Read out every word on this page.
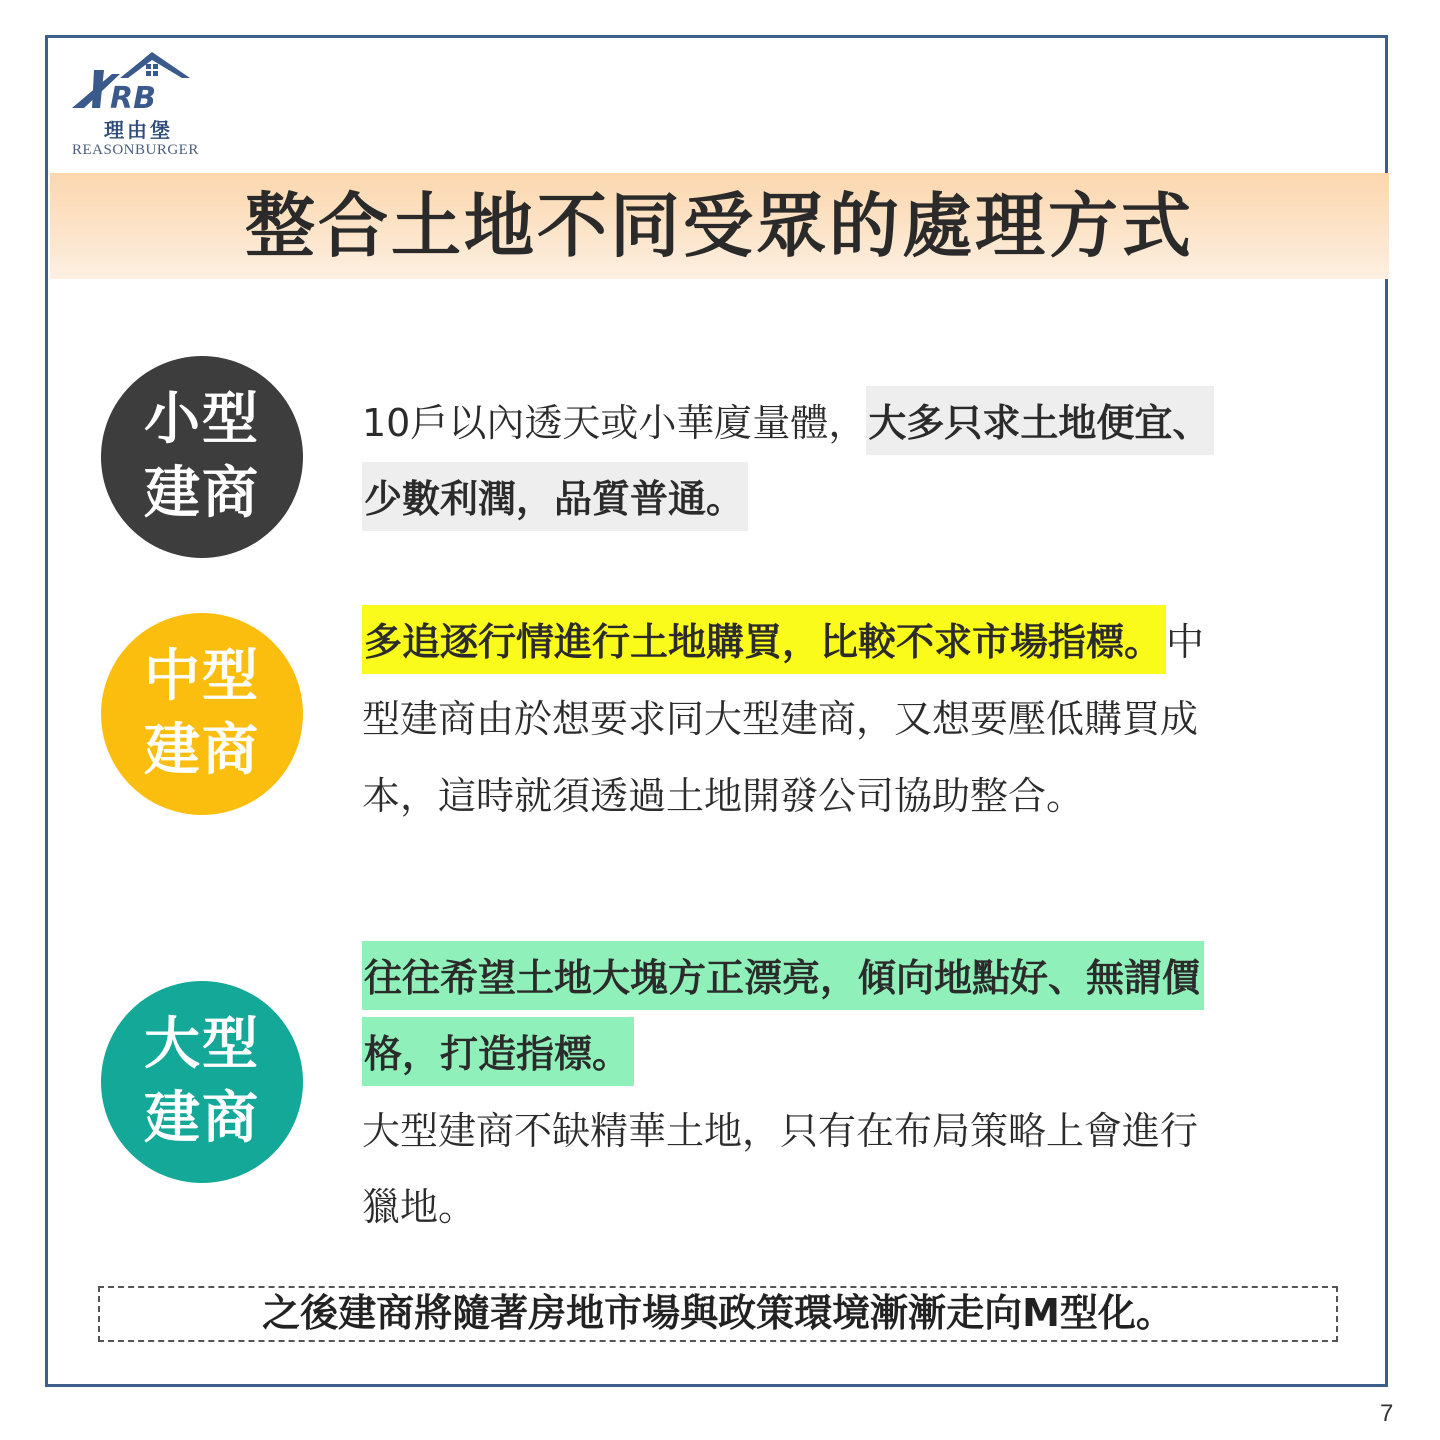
RB
理由堡
REASONBURGER
整合土地不同受眾的處理方式
小型
建商
10戶以內透天或小華廈量體，大多只求土地便宜、
少數利潤，品質普通。
中型
建商
多追逐行情進行土地購買，比較不求市場指標。 中
型建商由於想要求同大型建商，又想要壓低購買成
本，這時就須透過土地開發公司協助整合。
大型
建商
往往希望土地大塊方正漂亮，傾向地點好、無謂價
格，打造指標。
大型建商不缺精華土地，只有在布局策略上會進行
獵地。
之後建商將隨著房地市場與政策環境漸漸走向M型化。
7
